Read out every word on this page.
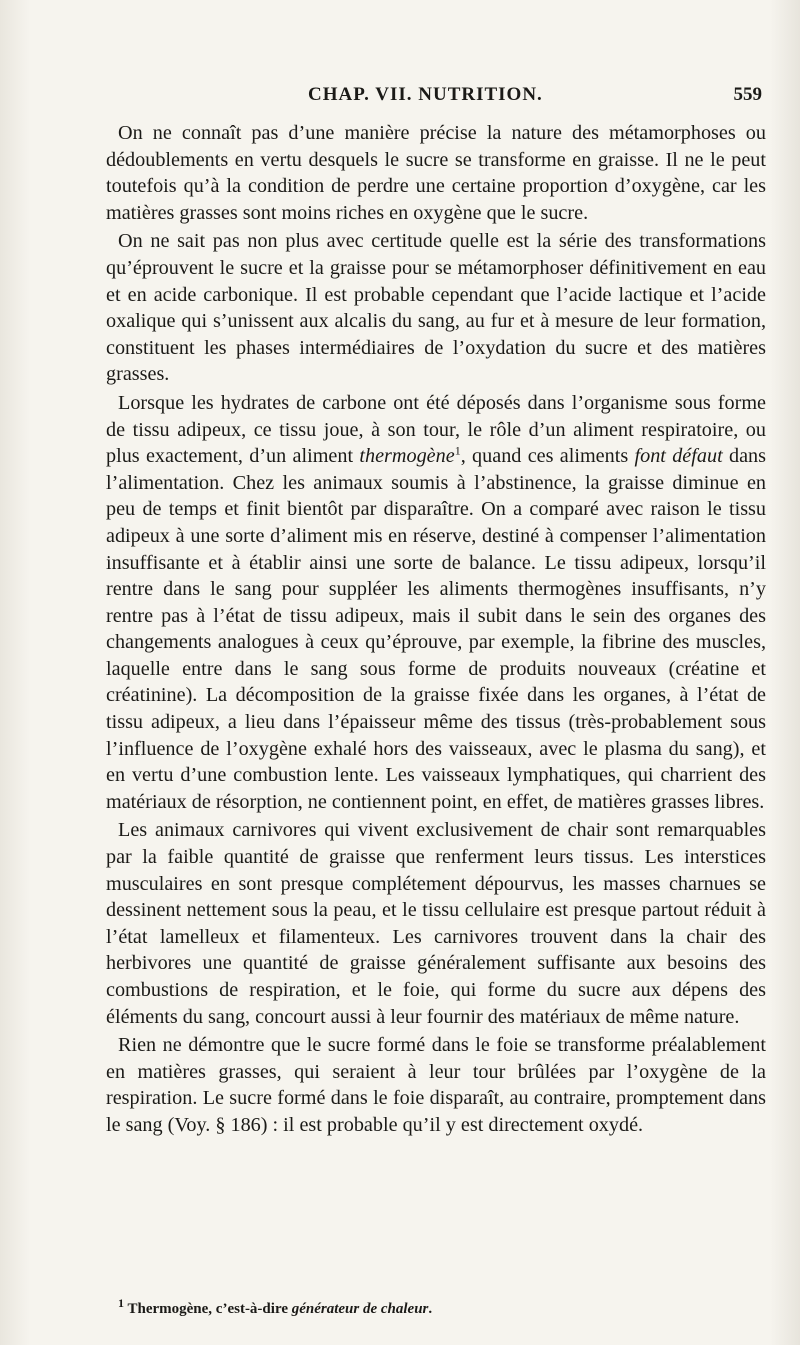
CHAP. VII. NUTRITION.	559

On ne connaît pas d’une manière précise la nature des métamorphoses ou dédoublements en vertu desquels le sucre se transforme en graisse. Il ne le peut toutefois qu’à la condition de perdre une certaine proportion d’oxygène, car les matières grasses sont moins riches en oxygène que le sucre.

On ne sait pas non plus avec certitude quelle est la série des transformations qu’éprouvent le sucre et la graisse pour se métamorphoser définitivement en eau et en acide carbonique. Il est probable cependant que l’acide lactique et l’acide oxalique qui s’unissent aux alcalis du sang, au fur et à mesure de leur formation, constituent les phases intermédiaires de l’oxydation du sucre et des matières grasses.

Lorsque les hydrates de carbone ont été déposés dans l’organisme sous forme de tissu adipeux, ce tissu joue, à son tour, le rôle d’un aliment respiratoire, ou plus exactement, d’un aliment thermogène$^1$, quand ces aliments font défaut dans l’alimentation. Chez les animaux soumis à l’abstinence, la graisse diminue en peu de temps et finit bientôt par disparaître. On a comparé avec raison le tissu adipeux à une sorte d’aliment mis en réserve, destiné à compenser l’alimentation insuffisante et à établir ainsi une sorte de balance. Le tissu adipeux, lorsqu’il rentre dans le sang pour suppléer les aliments thermogènes insuffisants, n’y rentre pas à l’état de tissu adipeux, mais il subit dans le sein des organes des changements analogues à ceux qu’éprouve, par exemple, la fibrine des muscles, laquelle entre dans le sang sous forme de produits nouveaux (créatine et créatinine). La décomposition de la graisse fixée dans les organes, à l’état de tissu adipeux, a lieu dans l’épaisseur même des tissus (très-probablement sous l’influence de l’oxygène exhalé hors des vaisseaux, avec le plasma du sang), et en vertu d’une combustion lente. Les vaisseaux lymphatiques, qui charrient des matériaux de résorption, ne contiennent point, en effet, de matières grasses libres.

Les animaux carnivores qui vivent exclusivement de chair sont remarquables par la faible quantité de graisse que renferment leurs tissus. Les interstices musculaires en sont presque complétement dépourvus, les masses charnues se dessinent nettement sous la peau, et le tissu cellulaire est presque partout réduit à l’état lamelleux et filamenteux. Les carnivores trouvent dans la chair des herbivores une quantité de graisse généralement suffisante aux besoins des combustions de respiration, et le foie, qui forme du sucre aux dépens des éléments du sang, concourt aussi à leur fournir des matériaux de même nature.

Rien ne démontre que le sucre formé dans le foie se transforme préalablement en matières grasses, qui seraient à leur tour brûlées par l’oxygène de la respiration. Le sucre formé dans le foie disparaît, au contraire, promptement dans le sang (Voy. § 186) : il est probable qu’il y est directement oxydé.

$^1$ Thermogène, c’est-à-dire générateur de chaleur.
